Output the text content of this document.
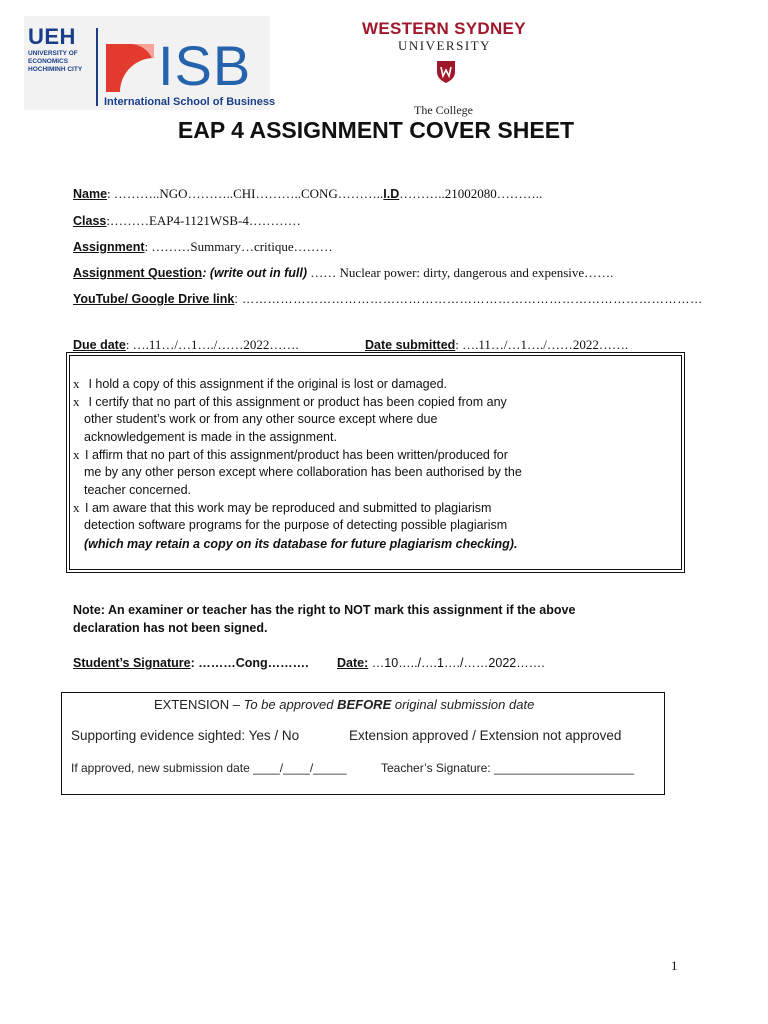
UEH
UNIVERSITY OF
ECONOMICS
HOCHIMINH CITY ISB
International School of Business
WESTERN SYDNEY
UNIVERSITY
The College
EAP 4 ASSIGNMENT COVER SHEET
Name: ………..NGO………..CHI………..CONG………..I.D………..21002080………..
Class:………EAP4-1121WSB-4…………
Assignment: ………Summary…critique………
Assignment Question: (write out in full) …… Nuclear power: dirty, dangerous and expensive…….
YouTube/ Google Drive link: ………………………………………………………………………………………………
Due date: ….11…/…1…./……2022…….	Date submitted: ….11…/…1…./……2022…….
x I hold a copy of this assignment if the original is lost or damaged.
x I certify that no part of this assignment or product has been copied from any
other student’s work or from any other source except where due
acknowledgement is made in the assignment.
x I affirm that no part of this assignment/product has been written/produced for
me by any other person except where collaboration has been authorised by the
teacher concerned.
x I am aware that this work may be reproduced and submitted to plagiarism
detection software programs for the purpose of detecting possible plagiarism
(which may retain a copy on its database for future plagiarism checking).
Note: An examiner or teacher has the right to NOT mark this assignment if the above
declaration has not been signed.
Student’s Signature: ………Cong………. Date: …10…../….1…./……2022…….
EXTENSION – To be approved BEFORE original submission date
Supporting evidence sighted: Yes / No	Extension approved / Extension not approved
If approved, new submission date ____/____/_____	Teacher’s Signature: _____________________
1
